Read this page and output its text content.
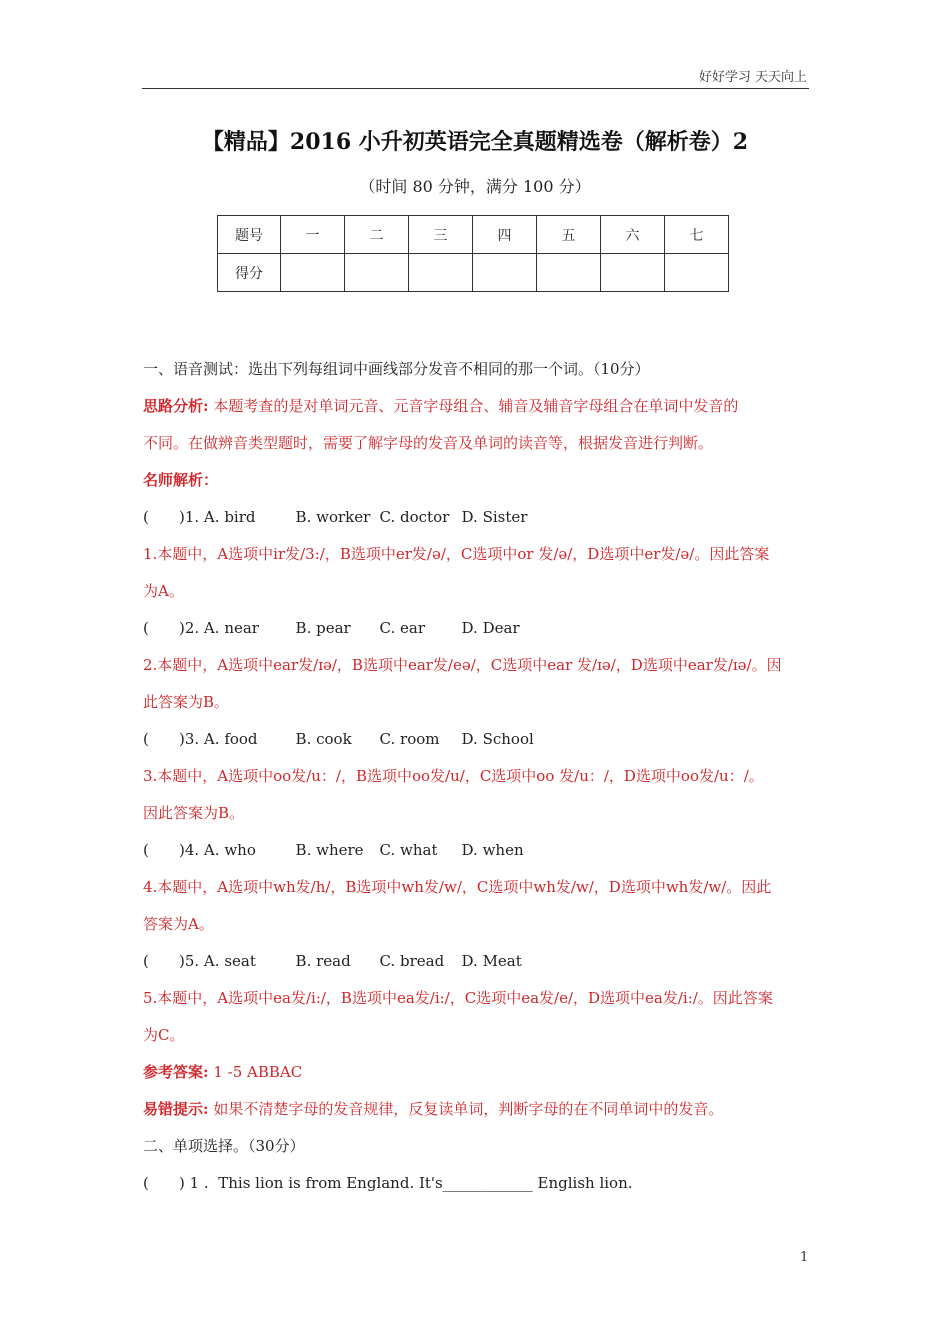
好好学习 天天向上
【精品】2016 小升初英语完全真题精选卷（解析卷）2
（时间 80 分钟，满分 100 分）
题号	一	二	三	四	五	六	七
得分							

一、语音测试：选出下列每组词中画线部分发音不相同的那一个词。（10分）

思路分析: 本题考查的是对单词元音、元音字母组合、辅音及辅音字母组合在单词中发音的

不同。在做辨音类型题时，需要了解字母的发音及单词的读音等，根据发音进行判断。

名师解析：

( )1. A. bird	B. worker C. doctor D. Sister

1.本题中，A选项中ir发/3:/，B选项中er发/ə/，C选项中or 发/ə/，D选项中er发/ə/。因此答案

为A。

( )2. A. near	B. pear	C. ear	D. Dear

2.本题中，A选项中ear发/ɪə/，B选项中ear发/eə/，C选项中ear 发/ɪə/，D选项中ear发/ɪə/。因

此答案为B。

( )3. A. food	B. cook	C. room	D. School

3.本题中，A选项中oo发/u：/，B选项中oo发/u/，C选项中oo 发/u：/，D选项中oo发/u：/。

因此答案为B。

( )4. A. who	B. where	C. what	D. when

4.本题中，A选项中wh发/h/，B选项中wh发/w/，C选项中wh发/w/，D选项中wh发/w/。因此

答案为A。

( )5. A. seat	B. read	C. bread	D. Meat

5.本题中，A选项中ea发/i:/，B选项中ea发/i:/，C选项中ea发/e/，D选项中ea发/i:/。因此答案

为C。

参考答案: 1 -5 ABBAC

易错提示: 如果不清楚字母的发音规律，反复读单词，判断字母的在不同单词中的发音。

二、单项选择。（30分）

( ) 1 .  This lion is from England. It's____________ English lion.
1
